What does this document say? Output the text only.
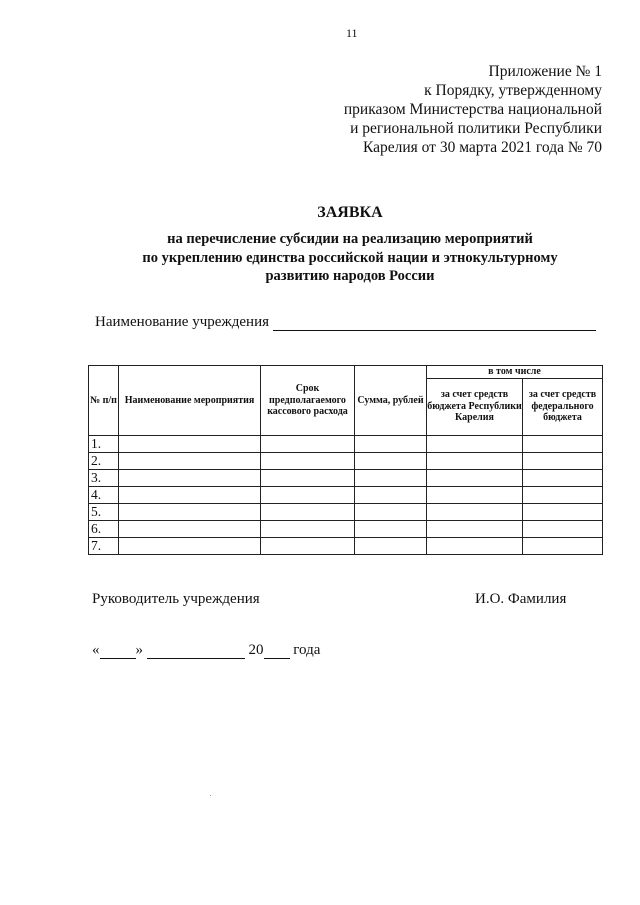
11
Приложение № 1
к Порядку, утвержденному
приказом Министерства национальной
и региональной политики Республики
Карелия от 30 марта 2021 года № 70
ЗАЯВКА
на перечисление субсидии на реализацию мероприятий
по укреплению единства российской нации и этнокультурному
развитию народов России
Наименование учреждения
№ п/п	Наименование мероприятия	Срок предполагаемого кассового расхода	Сумма, рублей	в том числе	
				за счет средств бюджета Республики Карелия	за счет средств федерального бюджета
1.					
2.					
3.					
4.					
5.					
6.					
7.					
Руководитель учреждения	И.О. Фамилия
« »

	20
года
